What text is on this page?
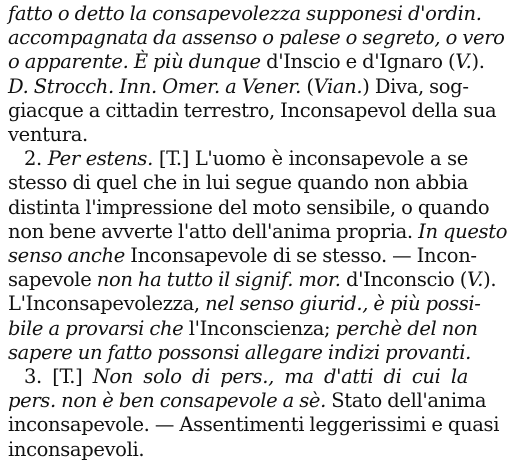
fatto o detto la consapevolezza supponesi d'ordin.
accompagnata da assenso o palese o segreto, o vero
o apparente. È più dunque d'Inscio e d'Ignaro (V.).
D. Strocch. Inn. Omer. a Vener. (Vian.) Diva, sog-
giacque a cittadin terrestro, Inconsapevol della sua
ventura.
2. Per estens. [T.] L'uomo è inconsapevole a se
stesso di quel che in lui segue quando non abbia
distinta l'impressione del moto sensibile, o quando
non bene avverte l'atto dell'anima propria. In questo
senso anche Inconsapevole di se stesso. — Incon-
sapevole non ha tutto il signif. mor. d'Inconscio (V.).
L'Inconsapevolezza, nel senso giurid., è più possi-
bile a provarsi che l'Inconscienza; perchè del non
sapere un fatto possonsi allegare indizi provanti.
3. [T.] Non solo di pers., ma d'atti di cui la
pers. non è ben consapevole a sè. Stato dell'anima
inconsapevole. — Assentimenti leggerissimi e quasi
inconsapevoli.
